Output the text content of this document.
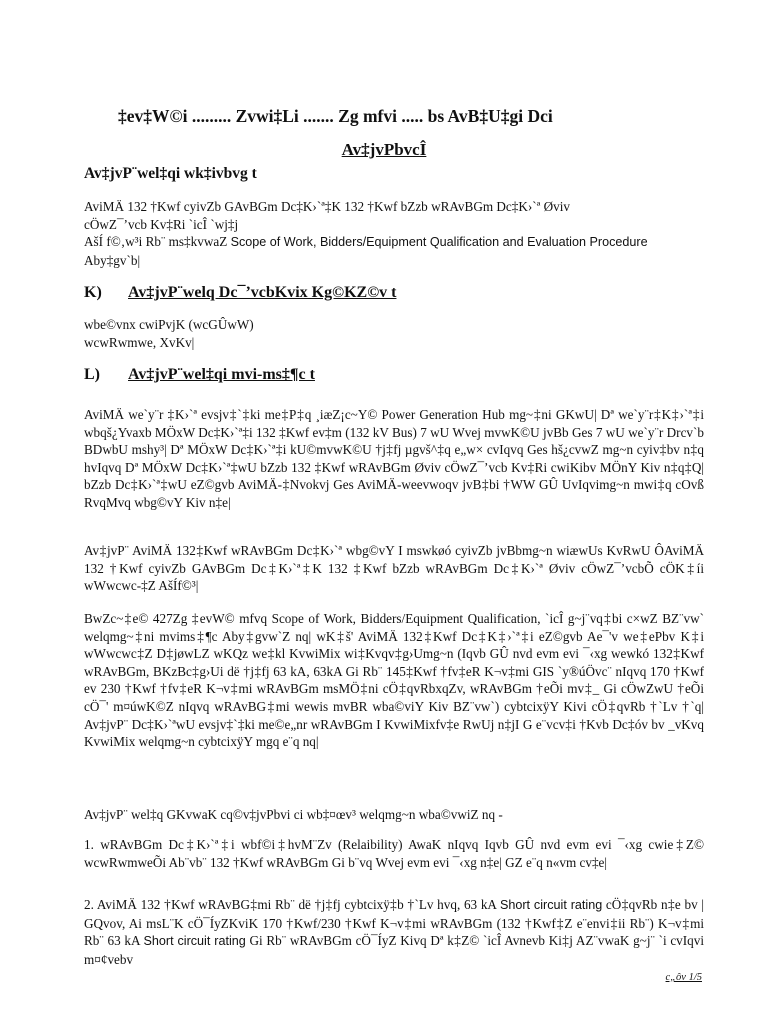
‡ev‡W©i ......... Zvwi‡Li ....... Zg mfvi ..... bs AvB‡U‡gi Dci
Av‡jvPbvcÎ
Av‡jvP¨wel‡qi wk‡ivbvg t
AviMÄ 132 †Kwf cyivZb GAvBGm Dc‡K›`ª‡K 132 †Kwf bZzb wRAvBGm Dc‡K›`ª Øviv
cÖwZ¯’vcb Kv‡Ri `icÎ `wj‡j
AšÍ f©‚w³i Rb¨ ms‡kvwaZ Scope of Work, Bidders/Equipment Qualification and Evaluation Procedure
Aby‡gv`b|
K) Av‡jvP¨welq Dc¯’vcbKvix Kg©KZ©v t
wbe©vnx cwiPvjK (wcGÛwW)
wcwRwmwe, XvKv|
L) Av‡jvP¨wel‡qi mvi-ms‡¶c t

AviMÄ we`y¨r ‡K›`ª evsjv‡`‡ki me‡P‡q ¸iæZ¡c~Y© Power Generation Hub mg~‡ni GKwU| Dª we`y¨r‡K‡›`ª‡i wbqš¿Yvaxb MÖxW Dc‡K›`ª‡i 132 ‡Kwf ev‡m (132 kV Bus) 7 wU Wvej mvwK©U jvBb Ges 7 wU we`y¨r Drcv`b BDwbU mshy³| Dª MÖxW Dc‡K›`ª‡i kU©mvwK©U †j‡fj µgvš^‡q e„w× cvIqvq Ges hš¿cvwZ mg~n cyiv‡bv n‡q hvIqvq Dª MÖxW Dc‡K›`ª‡wU bZzb 132 ‡Kwf wRAvBGm Øviv cÖwZ¯’vcb Kv‡Ri cwiKibv MÖnY Kiv n‡q‡Q| bZzb Dc‡K›`ª‡wU eZ©gvb AviMÄ-‡Nvokvj Ges AviMÄ-weevwoqv jvB‡bi †WW GÛ UvIqvimg~n mwi‡q cOvß RvqMvq wbg©vY Kiv n‡e|

Av‡jvP¨ AviMÄ 132‡Kwf wRAvBGm Dc‡K›`ª wbg©vY I mswkøó cyivZb jvBbmg~n wiæwUs KvRwU ÔAviMÄ 132 †Kwf cyivZb GAvBGm Dc‡K›`ª‡K 132 ‡Kwf bZzb wRAvBGm Dc‡K›`ª Øviv cÖwZ¯’vcbÕ cÖK‡íi wWwcwc-‡Z AšÍf©³|

BwZc~‡e© 427Zg ‡evW© mfvq Scope of Work, Bidders/Equipment Qualification, `icÎ g~j¨vq‡bi c×wZ BZ¨vw` welqmg~‡ni mvims‡¶c Aby‡gvw`Z nq| wK‡š' AviMÄ 132‡Kwf Dc‡K‡›`ª‡i eZ©gvb Ae¯'v we‡ePbv K‡i wWwcwc‡Z D‡jøwLZ wKQz we‡kl KvwiMix wi‡Kvqv‡g›Umg~n (Iqvb GÛ nvd evm evi ¯‹xg wewkó 132‡Kwf wRAvBGm, BKzBc‡g›Ui dë †j‡fj 63 kA, 63kA Gi Rb¨ 145‡Kwf †fv‡eR K¬v‡mi GIS `y®úÖvc¨ nIqvq 170 †Kwf ev 230 †Kwf †fv‡eR K¬v‡mi wRAvBGm msMÖ‡ni cÖ‡qvRbxqZv, wRAvBGm †eÕi mv‡_ Gi cÖwZwU †eÕi cÖ¯' m¤úwK©Z nIqvq wRAvBG‡mi wewis mvBR wba©viY Kiv BZ¨vw`) cybtcixÿY Kivi cÖ‡qvRb †`Lv †`q| Av‡jvP¨ Dc‡K›`ªwU evsjv‡`‡ki me©e„nr wRAvBGm I KvwiMixfv‡e RwUj n‡jI G e¨vcv‡i †Kvb Dc‡óv bv _vKvq KvwiMix welqmg~n cybtcixÿY mgq e¨q nq|

Av‡jvP¨ wel‡q GKvwaK cq©v‡jvPbvi ci wb‡¤œv³ welqmg~n wba©vwiZ nq -

1. wRAvBGm Dc‡K›`ª‡i wbf©i‡hvM¨Zv (Relaibility) AwaK nIqvq Iqvb GÛ nvd evm evi ¯‹xg cwie‡Z© wcwRwmweÕi Ab¨vb¨ 132 †Kwf wRAvBGm Gi b¨vq Wvej evm evi ¯‹xg n‡e| GZ e¨q n«vm cv‡e|

2. AviMÄ 132 †Kwf wRAvBG‡mi Rb¨ dë †j‡fj cybtcixÿ‡b †`Lv hvq, 63 kA Short circuit rating cÖ‡qvRb n‡e bv | GQvov, Ai msL¨K cÖ¯ÍyZKviK 170 †Kwf/230 †Kwf K¬v‡mi wRAvBGm (132 †Kwf‡Z e¨envi‡ii Rb¨) K¬v‡mi Rb¨ 63 kA Short circuit rating Gi Rb¨ wRAvBGm cÖ¯ÍyZ Kivq Dª k‡Z© `icÎ Avnevb Ki‡j AZ¨vwaK g~j¨ `i cvIqvi m¤¢vebv

c„ôv 1/5
